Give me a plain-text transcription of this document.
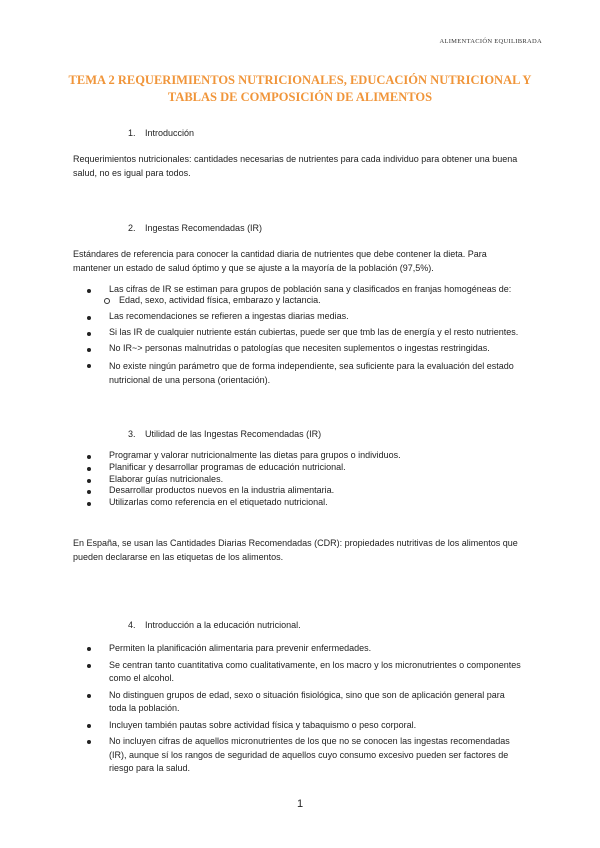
ALIMENTACIÓN EQUILIBRADA
TEMA 2 REQUERIMIENTOS NUTRICIONALES, EDUCACIÓN NUTRICIONAL Y
TABLAS DE COMPOSICIÓN DE ALIMENTOS
1. Introducción
Requerimientos nutricionales: cantidades necesarias de nutrientes para cada individuo para obtener una buena
salud, no es igual para todos.
2. Ingestas Recomendadas (IR)
Estándares de referencia para conocer la cantidad diaria de nutrientes que debe contener la dieta. Para
mantener un estado de salud óptimo y que se ajuste a la mayoría de la población (97,5%).
Las cifras de IR se estiman para grupos de población sana y clasificados en franjas homogéneas de:
Edad, sexo, actividad física, embarazo y lactancia.
Las recomendaciones se refieren a ingestas diarias medias.
Si las IR de cualquier nutriente están cubiertas, puede ser que tmb las de energía y el resto nutrientes.
No IR~> personas malnutridas o patologías que necesiten suplementos o ingestas restringidas.
No existe ningún parámetro que de forma independiente, sea suficiente para la evaluación del estado
nutricional de una persona (orientación).
3. Utilidad de las Ingestas Recomendadas (IR)
Programar y valorar nutricionalmente las dietas para grupos o individuos.
Planificar y desarrollar programas de educación nutricional.
Elaborar guías nutricionales.
Desarrollar productos nuevos en la industria alimentaria.
Utilizarlas como referencia en el etiquetado nutricional.
En España, se usan las Cantidades Diarias Recomendadas (CDR): propiedades nutritivas de los alimentos que
pueden declararse en las etiquetas de los alimentos.
4. Introducción a la educación nutricional.
Permiten la planificación alimentaria para prevenir enfermedades.
Se centran tanto cuantitativa como cualitativamente, en los macro y los micronutrientes o componentes
como el alcohol.
No distinguen grupos de edad, sexo o situación fisiológica, sino que son de aplicación general para
toda la población.
Incluyen también pautas sobre actividad física y tabaquismo o peso corporal.
No incluyen cifras de aquellos micronutrientes de los que no se conocen las ingestas recomendadas
(IR), aunque sí los rangos de seguridad de aquellos cuyo consumo excesivo pueden ser factores de
riesgo para la salud.
1
